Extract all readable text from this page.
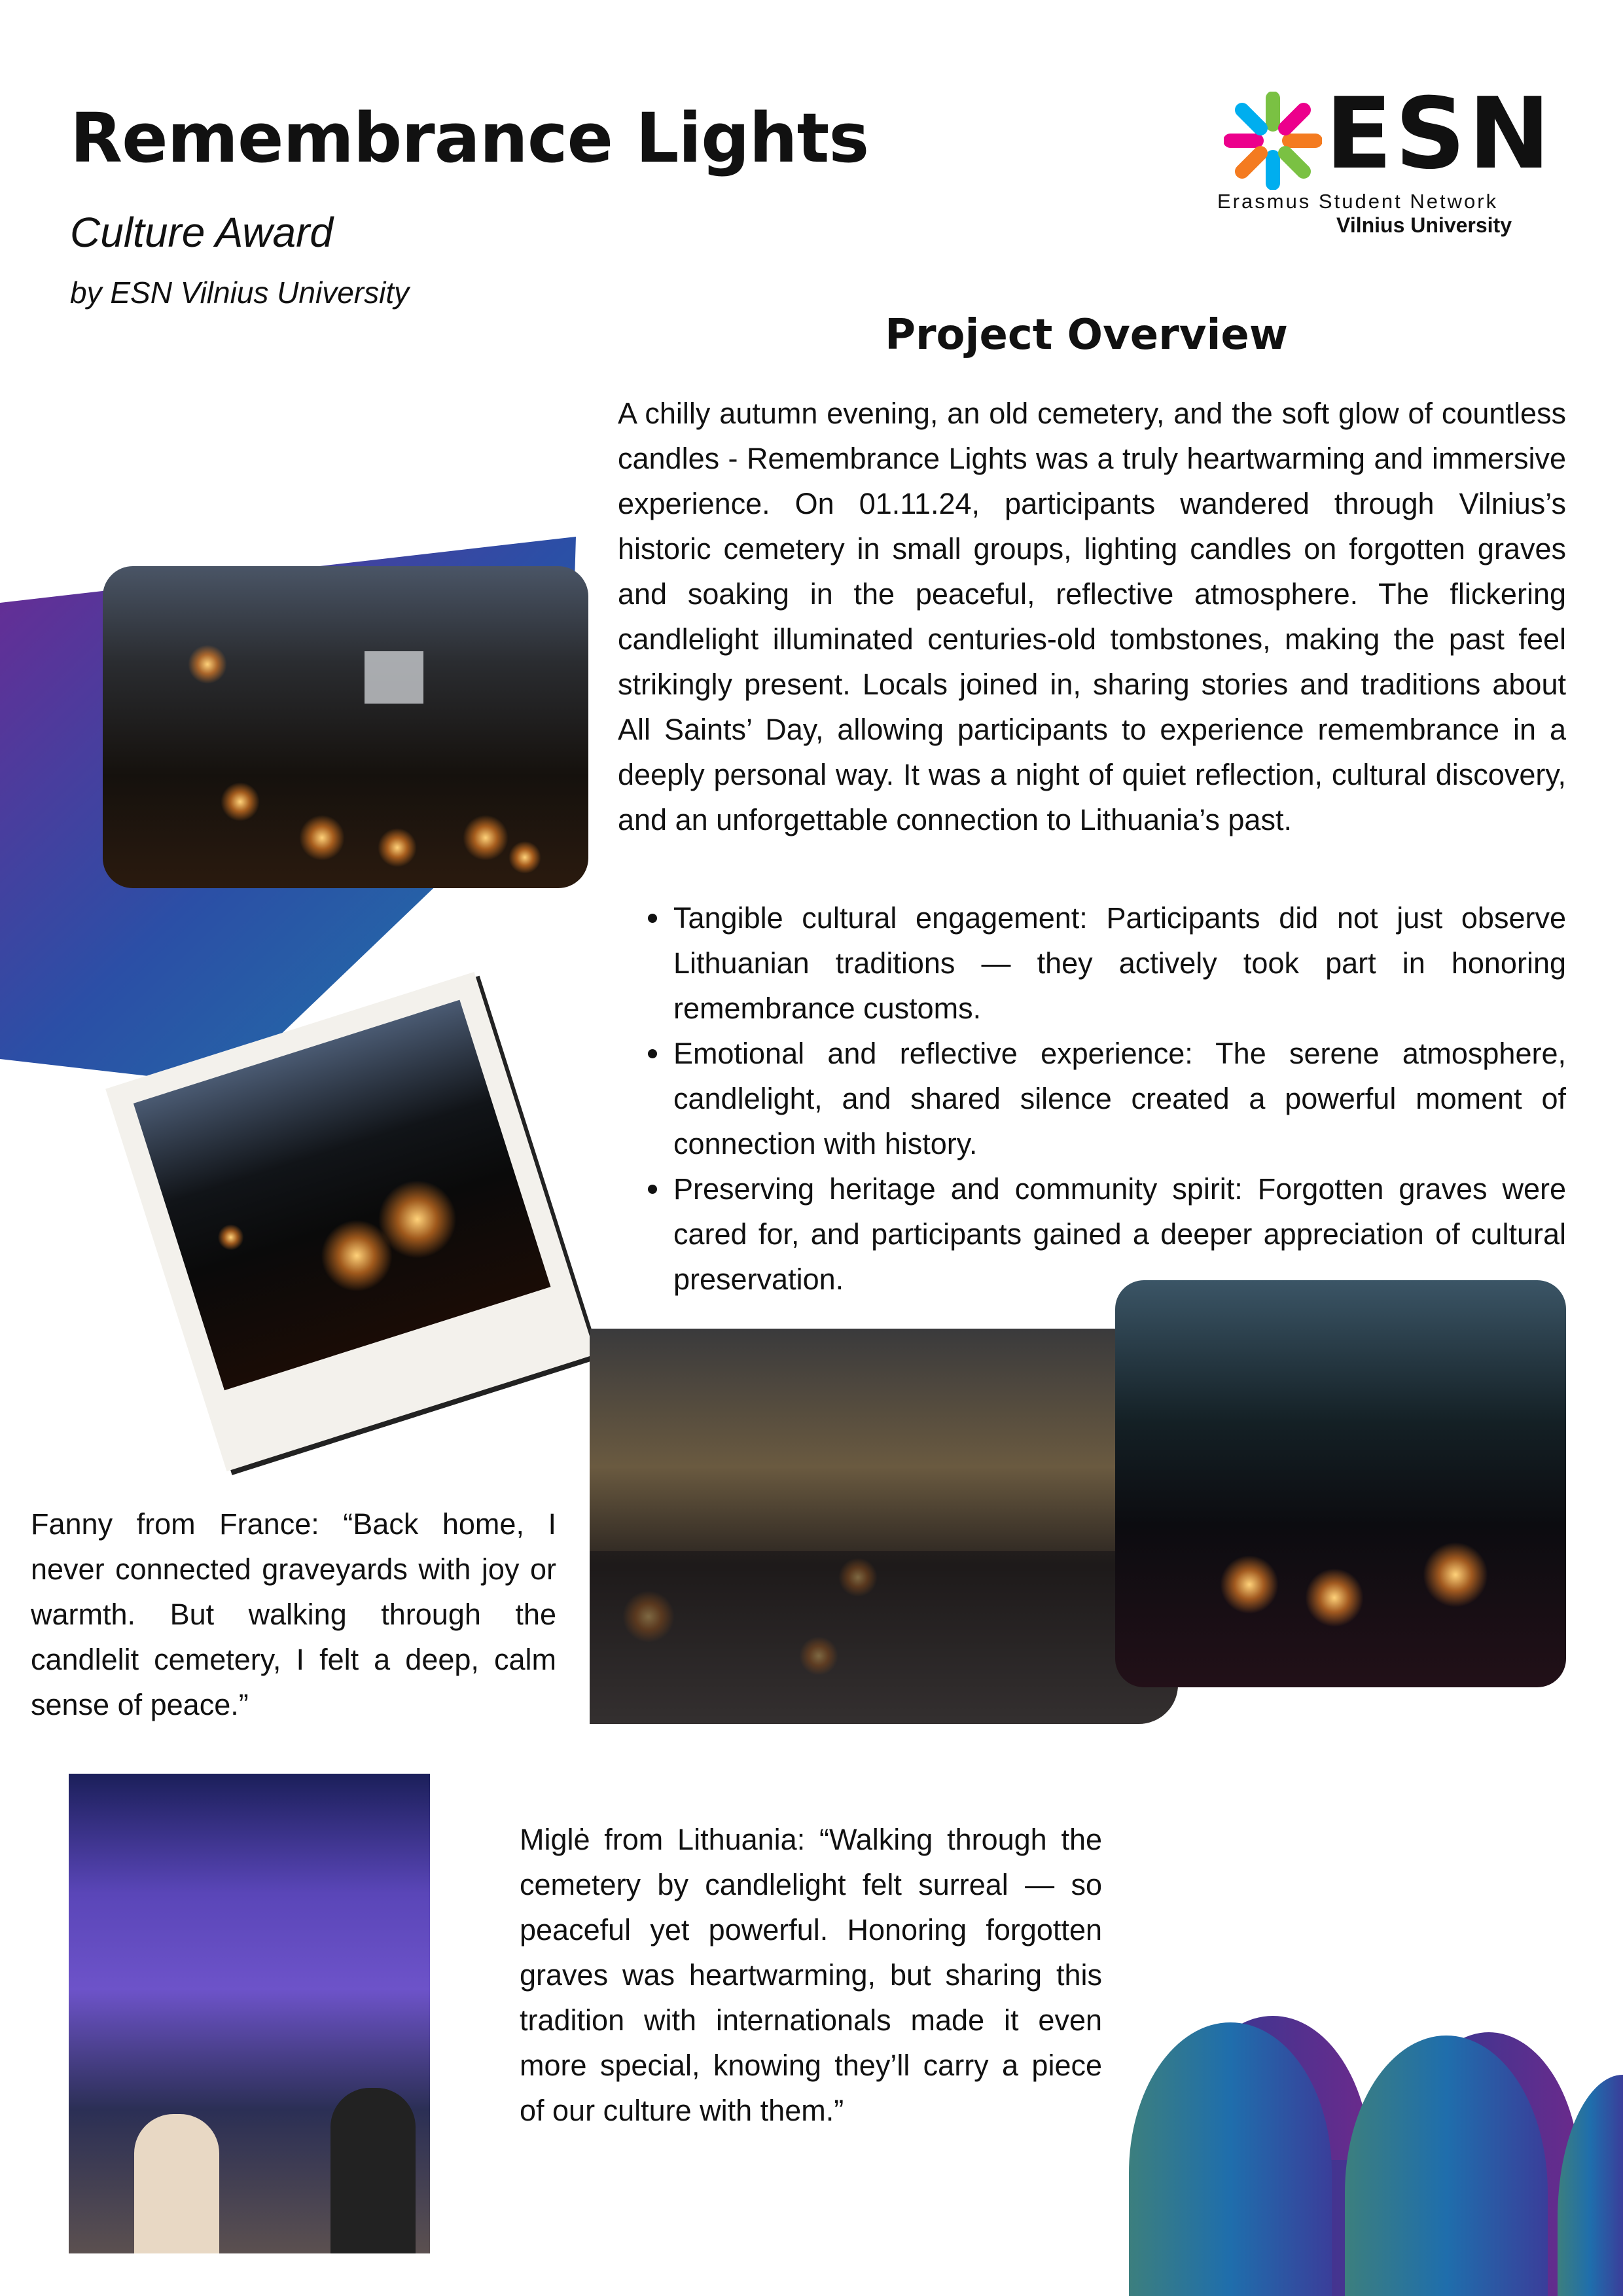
Remembrance Lights
Culture Award
by ESN Vilnius University
ESN
Erasmus Student Network
Vilnius University
Project Overview
A chilly autumn evening, an old cemetery, and the soft glow of countless candles - Remembrance Lights was a truly heartwarming and immersive experience. On 01.11.24, participants wandered through Vilnius’s historic cemetery in small groups, lighting candles on forgotten graves and soaking in the peaceful, reflective atmosphere. The flickering candlelight illuminated centuries-old tombstones, making the past feel strikingly present. Locals joined in, sharing stories and traditions about All Saints’ Day, allowing participants to experience remembrance in a deeply personal way. It was a night of quiet reflection, cultural discovery, and an unforgettable connection to Lithuania’s past.
Tangible cultural engagement: Participants did not just observe Lithuanian traditions — they actively took part in honoring remembrance customs.
Emotional and reflective experience: The serene atmosphere, candlelight, and shared silence created a powerful moment of connection with history.
Preserving heritage and community spirit: Forgotten graves were cared for, and participants gained a deeper appreciation of cultural preservation.
Fanny from France: “Back home, I never connected graveyards with joy or warmth. But walking through the candlelit cemetery, I felt a deep, calm sense of peace.”
Miglė from Lithuania: “Walking through the cemetery by candlelight felt surreal — so peaceful yet powerful. Honoring forgotten graves was heartwarming, but sharing this tradition with internationals made it even more special, knowing they’ll carry a piece of our culture with them.”
